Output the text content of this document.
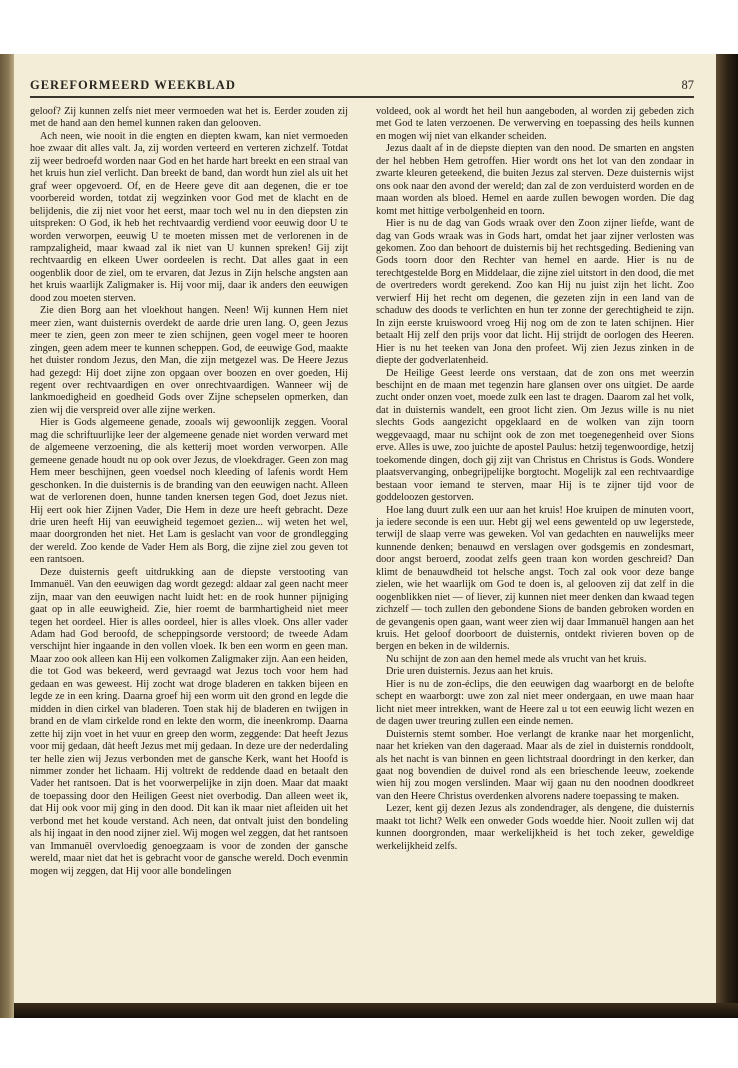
GEREFORMEERD WEEKBLAD	87

geloof? Zij kunnen zelfs niet meer vermoeden wat het is. Eerder zouden zij met de hand aan den hemel kunnen raken dan gelooven.

Ach neen, wie nooit in die engten en diepten kwam, kan niet vermoeden hoe zwaar dit alles valt. Ja, zij worden verteerd en verteren zichzelf. Totdat zij weer bedroefd worden naar God en het harde hart breekt en een straal van het kruis hun ziel verlicht. Dan breekt de band, dan wordt hun ziel als uit het graf weer opgevoerd. Of, en de Heere geve dit aan degenen, die er toe voorbereid worden, totdat zij wegzinken voor God met de klacht en de belijdenis, die zij niet voor het eerst, maar toch wel nu in den diepsten zin uitspreken: O God, ik heb het rechtvaardig verdiend voor eeuwig door U te worden verworpen, eeuwig U te moeten missen met de verlorenen in de rampzaligheid, maar kwaad zal ik niet van U kunnen spreken! Gij zijt rechtvaardig en elkeen Uwer oordeelen is recht. Dat alles gaat in een oogenblik door de ziel, om te ervaren, dat Jezus in Zijn helsche angsten aan het kruis waarlijk Zaligmaker is. Hij voor mij, daar ik anders den eeuwigen dood zou moeten sterven.

Zie dien Borg aan het vloekhout hangen. Neen! Wij kunnen Hem niet meer zien, want duisternis overdekt de aarde drie uren lang. O, geen Jezus meer te zien, geen zon meer te zien schijnen, geen vogel meer te hooren zingen, geen adem meer te kunnen scheppen. God, de eeuwige God, maakte het duister rondom Jezus, den Man, die zijn metgezel was. De Heere Jezus had gezegd: Hij doet zijne zon opgaan over boozen en over goeden, Hij regent over rechtvaardigen en over onrechtvaardigen. Wanneer wij de lankmoedigheid en goedheid Gods over Zijne schepselen opmerken, dan zien wij die verspreid over alle zijne werken.

Hier is Gods algemeene genade, zooals wij gewoonlijk zeggen. Vooral mag die schriftuurlijke leer der algemeene genade niet worden verward met de algemeene verzoening, die als ketterij moet worden verworpen. Alle gemeene genade houdt nu op ook over Jezus, de vloekdrager. Geen zon mag Hem meer beschijnen, geen voedsel noch kleeding of lafenis wordt Hem geschonken. In die duisternis is de branding van den eeuwigen nacht. Alleen wat de verlorenen doen, hunne tanden knersen tegen God, doet Jezus niet. Hij eert ook hier Zijnen Vader, Die Hem in deze ure heeft gebracht. Deze drie uren heeft Hij van eeuwigheid tegemoet gezien... wij weten het wel, maar doorgronden het niet. Het Lam is geslacht van voor de grondlegging der wereld. Zoo kende de Vader Hem als Borg, die zijne ziel zou geven tot een rantsoen.

Deze duisternis geeft uitdrukking aan de diepste verstooting van Immanuël. Van den eeuwigen dag wordt gezegd: aldaar zal geen nacht meer zijn, maar van den eeuwigen nacht luidt het: en de rook hunner pijniging gaat op in alle eeuwigheid. Zie, hier roemt de barmhartigheid niet meer tegen het oordeel. Hier is alles oordeel, hier is alles vloek. Ons aller vader Adam had God beroofd, de scheppingsorde verstoord; de tweede Adam verschijnt hier ingaande in den vollen vloek. Ik ben een worm en geen man. Maar zoo ook alleen kan Hij een volkomen Zaligmaker zijn. Aan een heiden, die tot God was bekeerd, werd gevraagd wat Jezus toch voor hem had gedaan en was geweest. Hij zocht wat droge bladeren en takken bijeen en legde ze in een kring. Daarna groef hij een worm uit den grond en legde die midden in dien cirkel van bladeren. Toen stak hij de bladeren en twijgen in brand en de vlam cirkelde rond en lekte den worm, die ineenkromp. Daarna zette hij zijn voet in het vuur en greep den worm, zeggende: Dat heeft Jezus voor mij gedaan, dàt heeft Jezus met mij gedaan. In deze ure der nederdaling ter helle zien wij Jezus verbonden met de gansche Kerk, want het Hoofd is nimmer zonder het lichaam. Hij voltrekt de reddende daad en betaalt den Vader het rantsoen. Dat is het voorwerpelijke in zijn doen. Maar dat maakt de toepassing door den Heiligen Geest niet overbodig. Dan alleen weet ik, dat Hij ook voor mij ging in den dood. Dit kan ik maar niet afleiden uit het verbond met het koude verstand. Ach neen, dat ontvalt juist den bondeling als hij ingaat in den nood zijner ziel. Wij mogen wel zeggen, dat het rantsoen van Immanuël overvloedig genoegzaam is voor de zonden der gansche wereld, maar niet dat het is gebracht voor de gansche wereld. Doch evenmin mogen wij zeggen, dat Hij voor alle bondelingen

voldeed, ook al wordt het heil hun aangeboden, al worden zij gebeden zich met God te laten verzoenen. De verwerving en toepassing des heils kunnen en mogen wij niet van elkander scheiden.

Jezus daalt af in de diepste diepten van den nood. De smarten en angsten der hel hebben Hem getroffen. Hier wordt ons het lot van den zondaar in zwarte kleuren geteekend, die buiten Jezus zal sterven. Deze duisternis wijst ons ook naar den avond der wereld; dan zal de zon verduisterd worden en de maan worden als bloed. Hemel en aarde zullen bewogen worden. Die dag komt met hittige verbolgenheid en toorn.

Hier is nu de dag van Gods wraak over den Zoon zijner liefde, want de dag van Gods wraak was in Gods hart, omdat het jaar zijner verlosten was gekomen. Zoo dan behoort de duisternis bij het rechtsgeding. Bediening van Gods toorn door den Rechter van hemel en aarde. Hier is nu de terechtgestelde Borg en Middelaar, die zijne ziel uitstort in den dood, die met de overtreders wordt gerekend. Zoo kan Hij nu juist zijn het licht. Zoo verwierf Hij het recht om degenen, die gezeten zijn in een land van de schaduw des doods te verlichten en hun ter zonne der gerechtigheid te zijn. In zijn eerste kruiswoord vroeg Hij nog om de zon te laten schijnen. Hier betaalt Hij zelf den prijs voor dat licht. Hij strijdt de oorlogen des Heeren. Hier is nu het teeken van Jona den profeet. Wij zien Jezus zinken in de diepte der godverlatenheid.

De Heilige Geest leerde ons verstaan, dat de zon ons met weerzin beschijnt en de maan met tegenzin hare glansen over ons uitgiet. De aarde zucht onder onzen voet, moede zulk een last te dragen. Daarom zal het volk, dat in duisternis wandelt, een groot licht zien. Om Jezus wille is nu niet slechts Gods aangezicht opgeklaard en de wolken van zijn toorn weggevaagd, maar nu schijnt ook de zon met toegenegenheid over Sions erve. Alles is uwe, zoo juichte de apostel Paulus: hetzij tegenwoordige, hetzij toekomende dingen, doch gij zijt van Christus en Christus is Gods. Wondere plaatsvervanging, onbegrijpelijke borgtocht. Mogelijk zal een rechtvaardige bestaan voor iemand te sterven, maar Hij is te zijner tijd voor de goddeloozen gestorven.

Hoe lang duurt zulk een uur aan het kruis! Hoe kruipen de minuten voort, ja iedere seconde is een uur. Hebt gij wel eens gewenteld op uw legerstede, terwijl de slaap verre was geweken. Vol van gedachten en nauwelijks meer kunnende denken; benauwd en verslagen over godsgemis en zondesmart, door angst beroerd, zoodat zelfs geen traan kon worden geschreid? Dan klimt de benauwdheid tot helsche angst. Toch zal ook voor deze bange zielen, wie het waarlijk om God te doen is, al gelooven zij dat zelf in die oogenblikken niet — of liever, zij kunnen niet meer denken dan kwaad tegen zichzelf — toch zullen den gebondene Sions de banden gebroken worden en de gevangenis open gaan, want weer zien wij daar Immanuël hangen aan het kruis. Het geloof doorboort de duisternis, ontdekt rivieren boven op de bergen en beken in de wildernis.

Nu schijnt de zon aan den hemel mede als vrucht van het kruis.

Drie uren duisternis. Jezus aan het kruis.

Hier is nu de zon-éclips, die den eeuwigen dag waarborgt en de belofte schept en waarborgt: uwe zon zal niet meer ondergaan, en uwe maan haar licht niet meer intrekken, want de Heere zal u tot een eeuwig licht wezen en de dagen uwer treuring zullen een einde nemen.

Duisternis stemt somber. Hoe verlangt de kranke naar het morgenlicht, naar het krieken van den dageraad. Maar als de ziel in duisternis ronddoolt, als het nacht is van binnen en geen lichtstraal doordringt in den kerker, dan gaat nog bovendien de duivel rond als een brieschende leeuw, zoekende wien hij zou mogen verslinden. Maar wij gaan nu den noodnen doodkreet van den Heere Christus overdenken alvorens nadere toepassing te maken.

Lezer, kent gij dezen Jezus als zondendrager, als dengene, die duisternis maakt tot licht? Welk een onweder Gods woedde hier. Nooit zullen wij dat kunnen doorgronden, maar werkelijkheid is het toch zeker, geweldige werkelijkheid zelfs.
